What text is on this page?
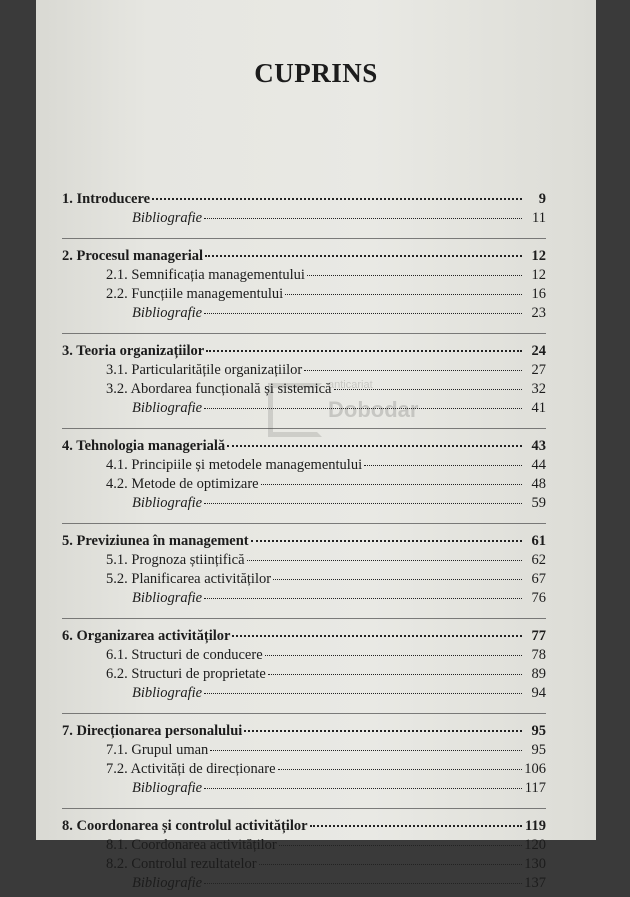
anticariat
Dobodar
CUPRINS
1. Introducere	9
Bibliografie	11
2. Procesul managerial	12
2.1. Semnificația managementului	12
2.2. Funcțiile managementului	16
Bibliografie	23
3. Teoria organizațiilor	24
3.1. Particularitățile organizațiilor	27
3.2. Abordarea funcțională și sistemică	32
Bibliografie	41
4. Tehnologia managerială	43
4.1. Principiile și metodele managementului	44
4.2. Metode de optimizare	48
Bibliografie	59
5. Previziunea în management	61
5.1. Prognoza științifică	62
5.2. Planificarea activităților	67
Bibliografie	76
6. Organizarea activităților	77
6.1. Structuri de conducere	78
6.2. Structuri de proprietate	89
Bibliografie	94
7. Direcționarea personalului	95
7.1. Grupul uman	95
7.2. Activități de direcționare	106
Bibliografie	117
8. Coordonarea și controlul activităților	119
8.1. Coordonarea activităților	120
8.2. Controlul rezultatelor	130
Bibliografie	137
